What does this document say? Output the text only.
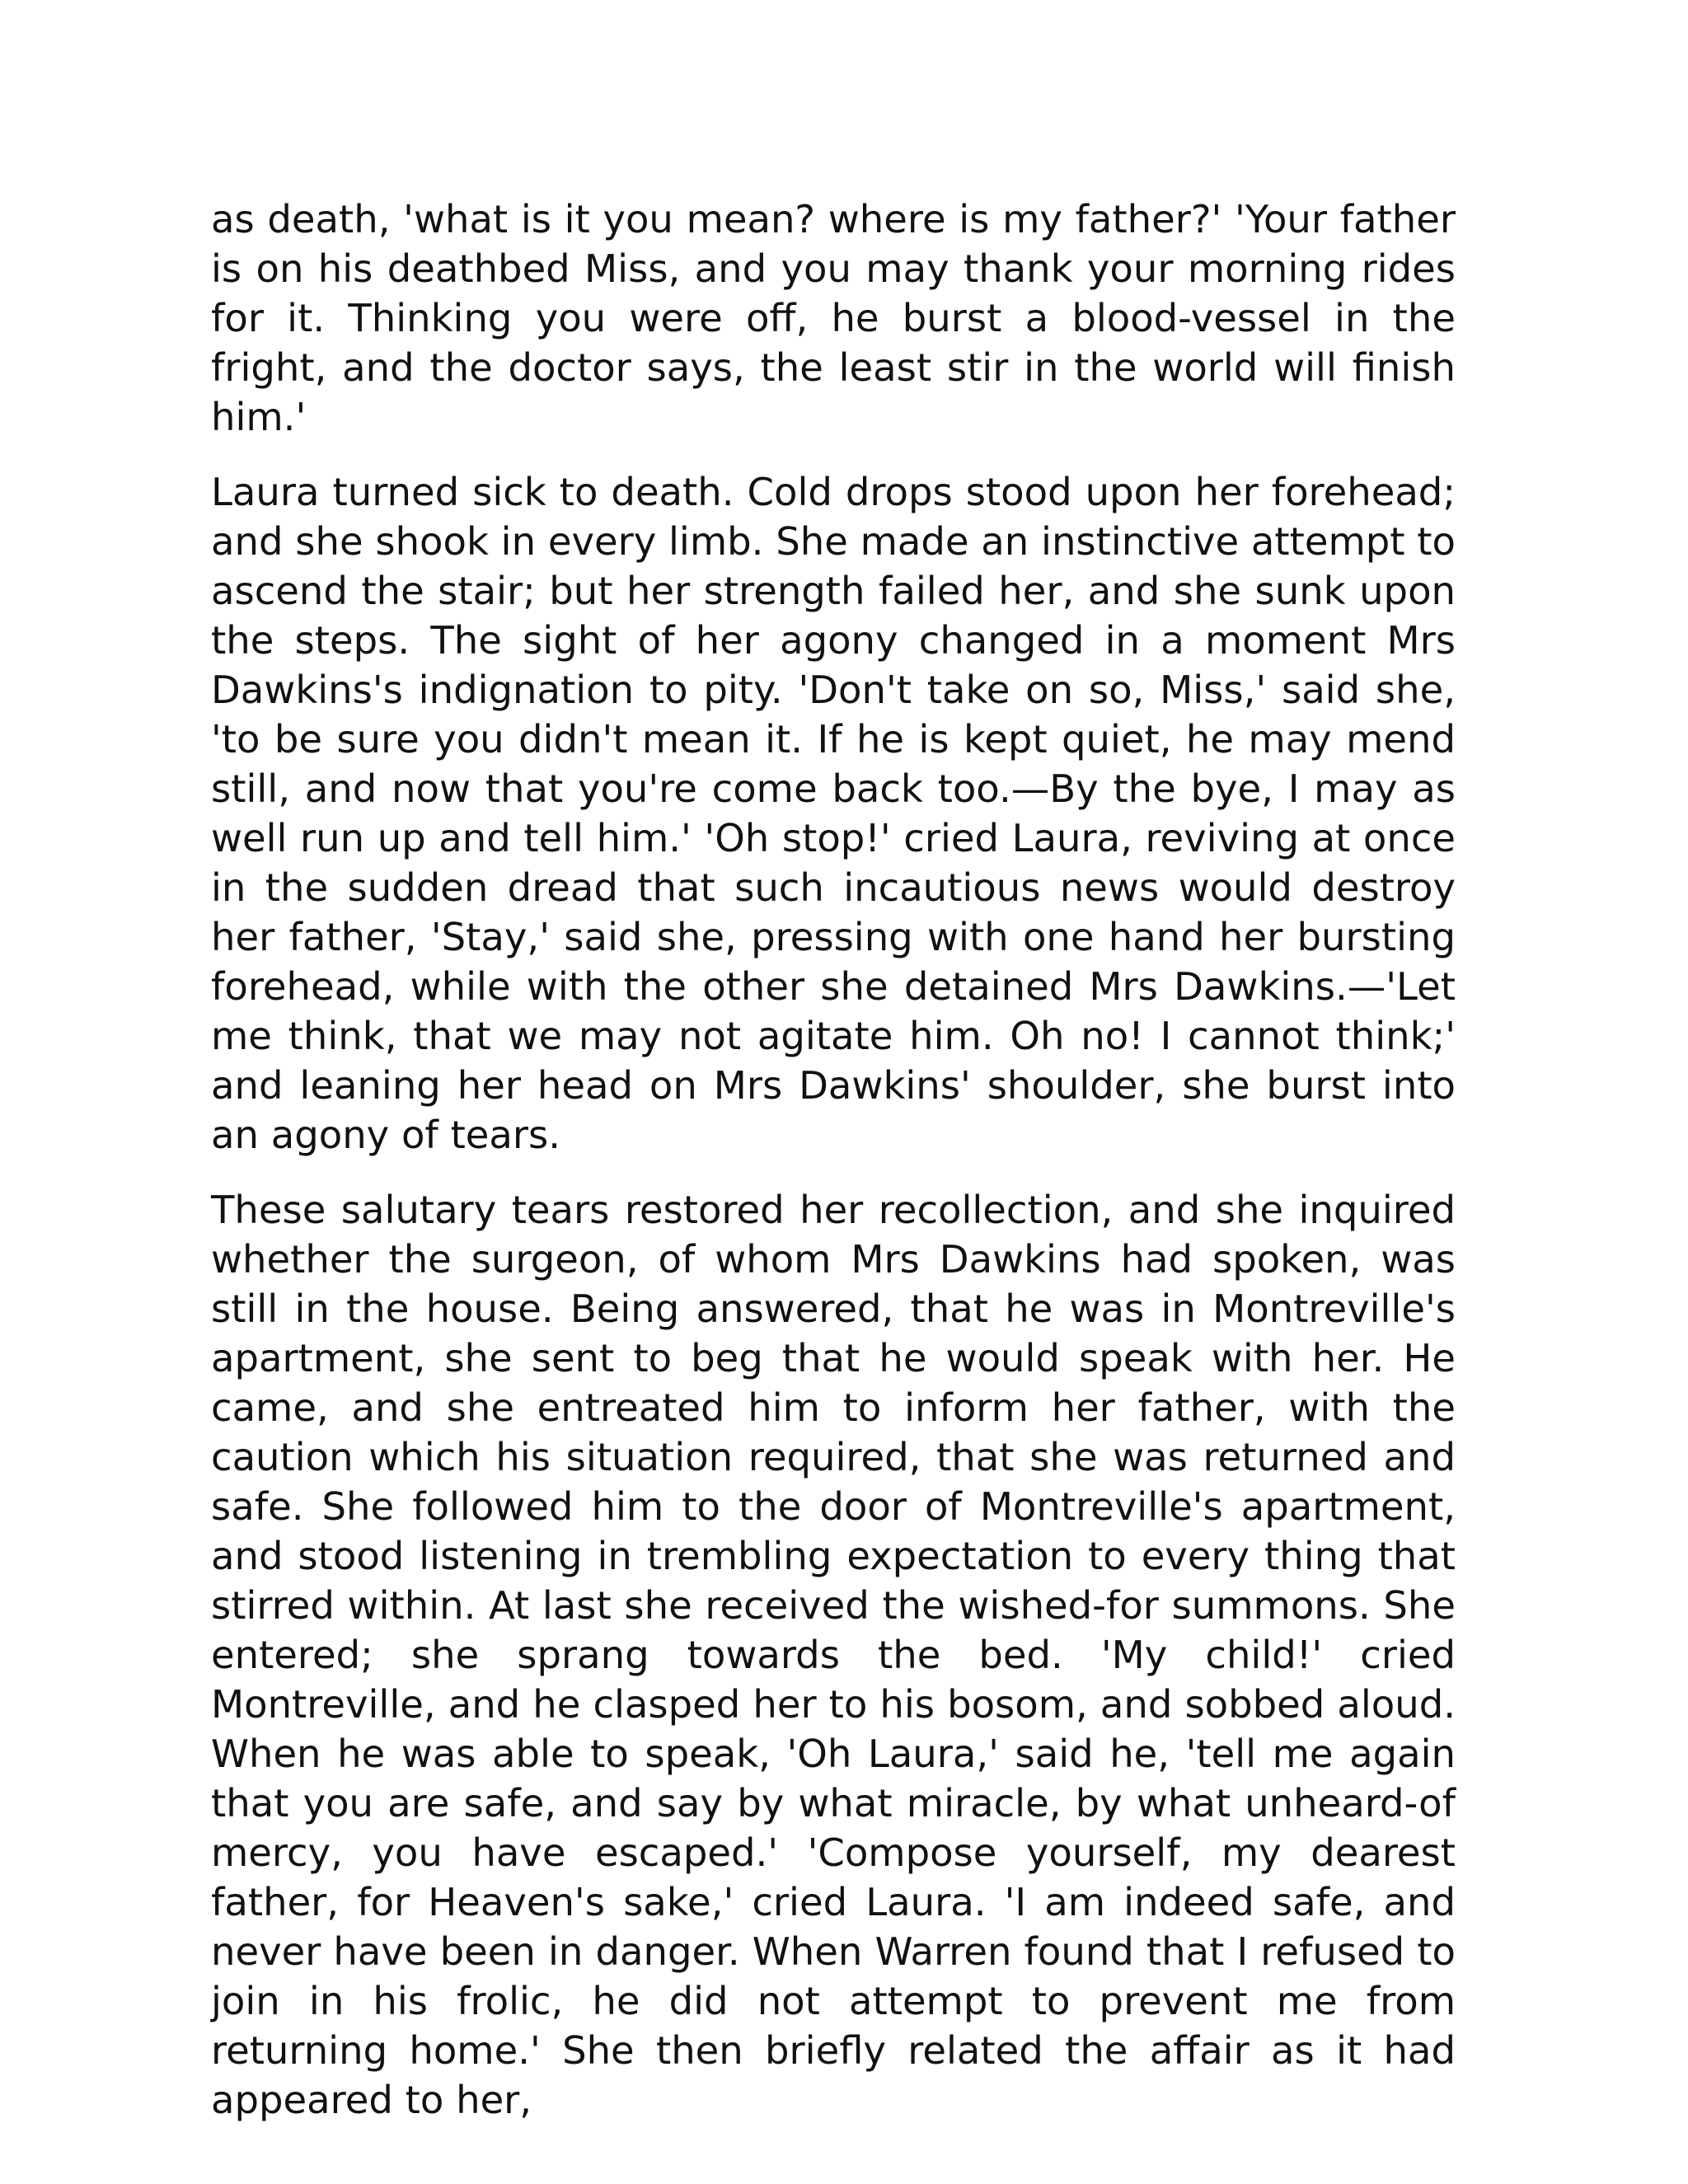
as death, 'what is it you mean? where is my father?' 'Your father is on his deathbed Miss, and you may thank your morning rides for it. Thinking you were off, he burst a blood-vessel in the fright, and the doctor says, the least stir in the world will finish him.'

Laura turned sick to death. Cold drops stood upon her forehead; and she shook in every limb. She made an instinctive attempt to ascend the stair; but her strength failed her, and she sunk upon the steps. The sight of her agony changed in a moment Mrs Dawkins's indignation to pity. 'Don't take on so, Miss,' said she, 'to be sure you didn't mean it. If he is kept quiet, he may mend still, and now that you're come back too.—By the bye, I may as well run up and tell him.' 'Oh stop!' cried Laura, reviving at once in the sudden dread that such incautious news would destroy her father, 'Stay,' said she, pressing with one hand her bursting forehead, while with the other she detained Mrs Dawkins.—'Let me think, that we may not agitate him. Oh no! I cannot think;' and leaning her head on Mrs Dawkins' shoulder, she burst into an agony of tears.

These salutary tears restored her recollection, and she inquired whether the surgeon, of whom Mrs Dawkins had spoken, was still in the house. Being answered, that he was in Montreville's apartment, she sent to beg that he would speak with her. He came, and she entreated him to inform her father, with the caution which his situation required, that she was returned and safe. She followed him to the door of Montreville's apartment, and stood listening in trembling expectation to every thing that stirred within. At last she received the wished-for summons. She entered; she sprang towards the bed. 'My child!' cried Montreville, and he clasped her to his bosom, and sobbed aloud. When he was able to speak, 'Oh Laura,' said he, 'tell me again that you are safe, and say by what miracle, by what unheard-of mercy, you have escaped.' 'Compose yourself, my dearest father, for Heaven's sake,' cried Laura. 'I am indeed safe, and never have been in danger. When Warren found that I refused to join in his frolic, he did not attempt to prevent me from returning home.' She then briefly related the affair as it had appeared to her,
